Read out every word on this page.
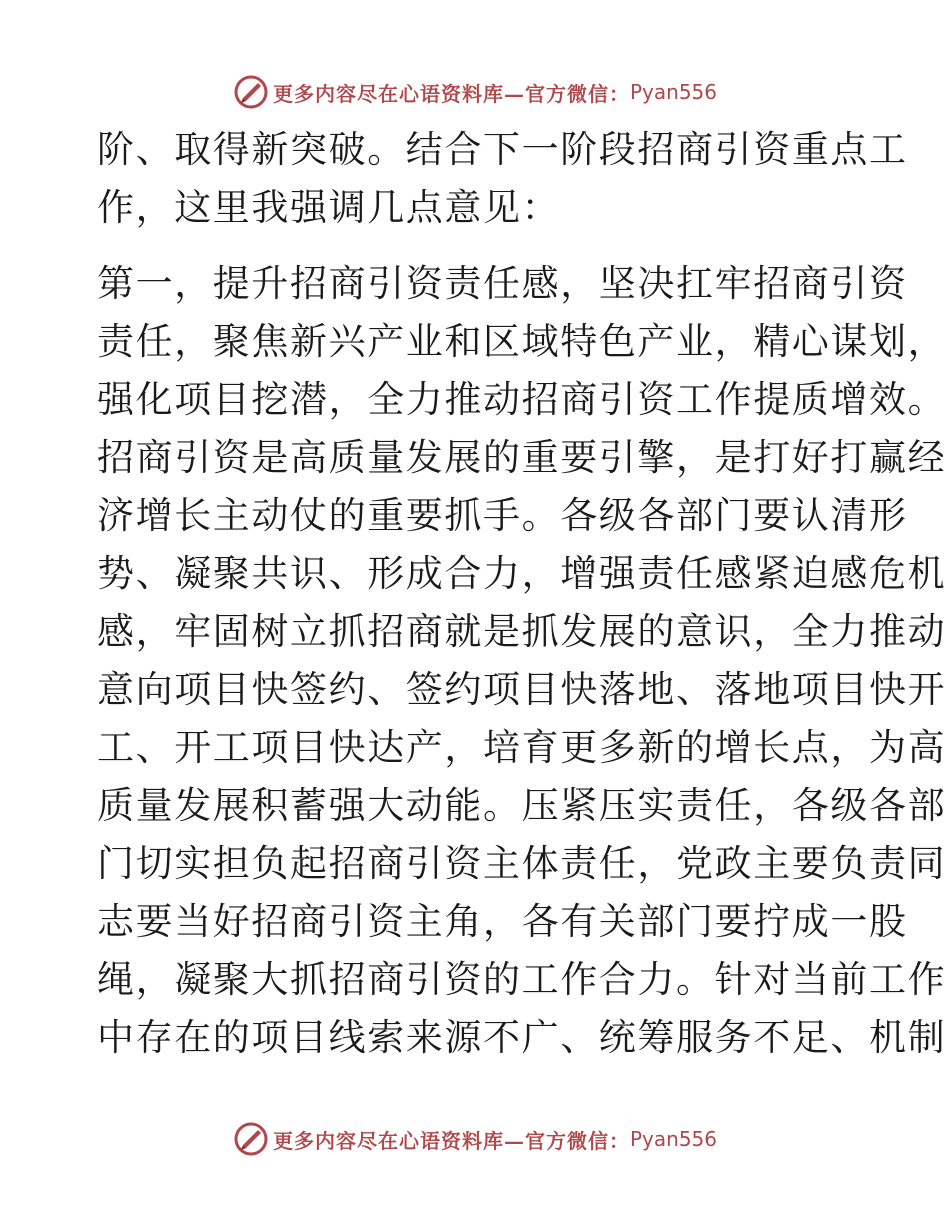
更多内容尽在心语资料库—官方微信： Pyan556
阶、取得新突破。结合下一阶段招商引资重点工
作，这里我强调几点意见：
第一，提升招商引资责任感，坚决扛牢招商引资
责任，聚焦新兴产业和区域特色产业，精心谋划，
强化项目挖潜，全力推动招商引资工作提质增效。
招商引资是高质量发展的重要引擎，是打好打赢经
济增长主动仗的重要抓手。各级各部门要认清形
势、凝聚共识、形成合力，增强责任感紧迫感危机
感，牢固树立抓招商就是抓发展的意识，全力推动
意向项目快签约、签约项目快落地、落地项目快开
工、开工项目快达产，培育更多新的增长点，为高
质量发展积蓄强大动能。压紧压实责任，各级各部
门切实担负起招商引资主体责任，党政主要负责同
志要当好招商引资主角，各有关部门要拧成一股
绳，凝聚大抓招商引资的工作合力。针对当前工作
中存在的项目线索来源不广、统筹服务不足、机制
更多内容尽在心语资料库—官方微信： Pyan556
